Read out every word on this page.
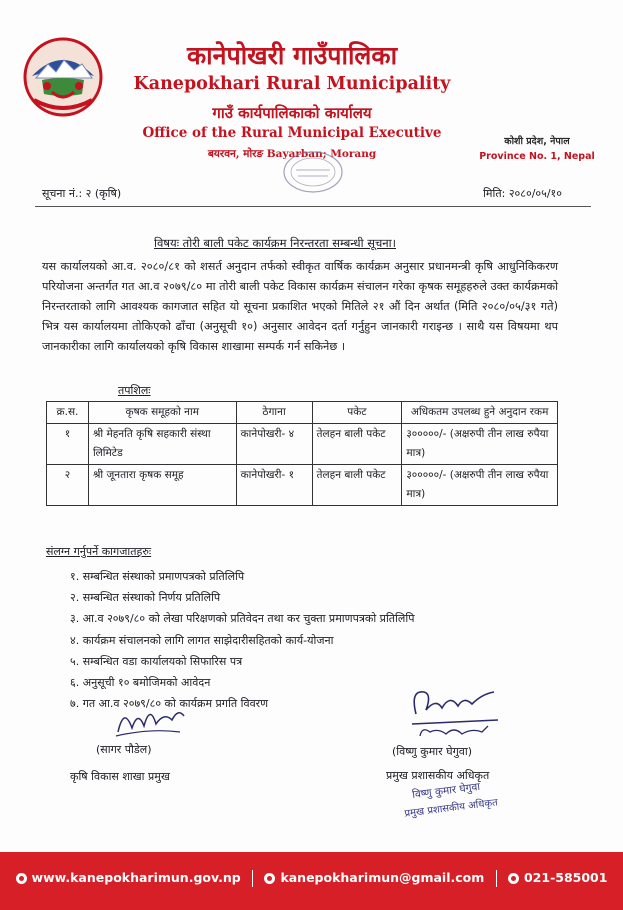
कानेपोखरी गाउँपालिका
Kanepokhari Rural Municipality
गाउँ कार्यपालिकाको कार्यालय
Office of the Rural Municipal Executive
बयरवन, मोरङ Bayarban; Morang
कोशी प्रदेश, नेपाल
Province No. 1, Nepal
सूचना नं.: २ (कृषि)	मिति: २०८०/०५/१०
विषयः तोरी बाली पकेट कार्यक्रम निरन्तरता सम्बन्धी सूचना।
यस कार्यालयको आ.व. २०८०/८१ को शसर्त अनुदान तर्फको स्वीकृत वार्षिक कार्यक्रम अनुसार प्रधानमन्त्री कृषि आधुनिकिकरण परियोजना अन्तर्गत गत आ.व २०७९/८० मा तोरी बाली पकेट विकास कार्यक्रम संचालन गरेका कृषक समूहहरुले उक्त कार्यक्रमको निरन्तरताको लागि आवश्यक कागजात सहित यो सूचना प्रकाशित भएको मितिले २१ औं दिन अर्थात (मिति २०८०/०५/३१ गते) भित्र यस कार्यालयमा तोकिएको ढाँचा (अनुसूची १०) अनुसार आवेदन दर्ता गर्नुहुन जानकारी गराइन्छ । साथै यस विषयमा थप जानकारीका लागि कार्यालयको कृषि विकास शाखामा सम्पर्क गर्न सकिनेछ ।
तपशिलः
क्र.स.	कृषक समूहको नाम	ठेगाना	पकेट	अधिकतम उपलब्ध हुने अनुदान रकम
१	श्री मेहनति कृषि सहकारी संस्था लिमिटेड	कानेपोखरी- ४	तेलहन बाली पकेट	३०००००/- (अक्षरुपी तीन लाख रुपैया मात्र)
२	श्री जूनतारा कृषक समूह	कानेपोखरी- १	तेलहन बाली पकेट	३०००००/- (अक्षरुपी तीन लाख रुपैया मात्र)
संलग्न गर्नुपर्ने कागजातहरुः
१. सम्बन्धित संस्थाको प्रमाणपत्रको प्रतिलिपि
२. सम्बन्धित संस्थाको निर्णय प्रतिलिपि
३. आ.व २०७९/८० को लेखा परिक्षणको प्रतिवेदन तथा कर चुक्ता प्रमाणपत्रको प्रतिलिपि
४. कार्यक्रम संचालनको लागि लागत साझेदारीसहितको कार्य-योजना
५. सम्बन्धित वडा कार्यालयको सिफारिस पत्र
६. अनुसूची १० बमोजिमको आवेदन
७. गत आ.व २०७९/८० को कार्यक्रम प्रगति विवरण
(सागर पौडेल)
कृषि विकास शाखा प्रमुख
(विष्णु कुमार घेगुवा)
प्रमुख प्रशासकीय अधिकृत
विष्णु कुमार घेगुवा
प्रमुख प्रशासकीय अधिकृत
www.kanepokharimun.gov.np	kanepokharimun@gmail.com	021-585001
